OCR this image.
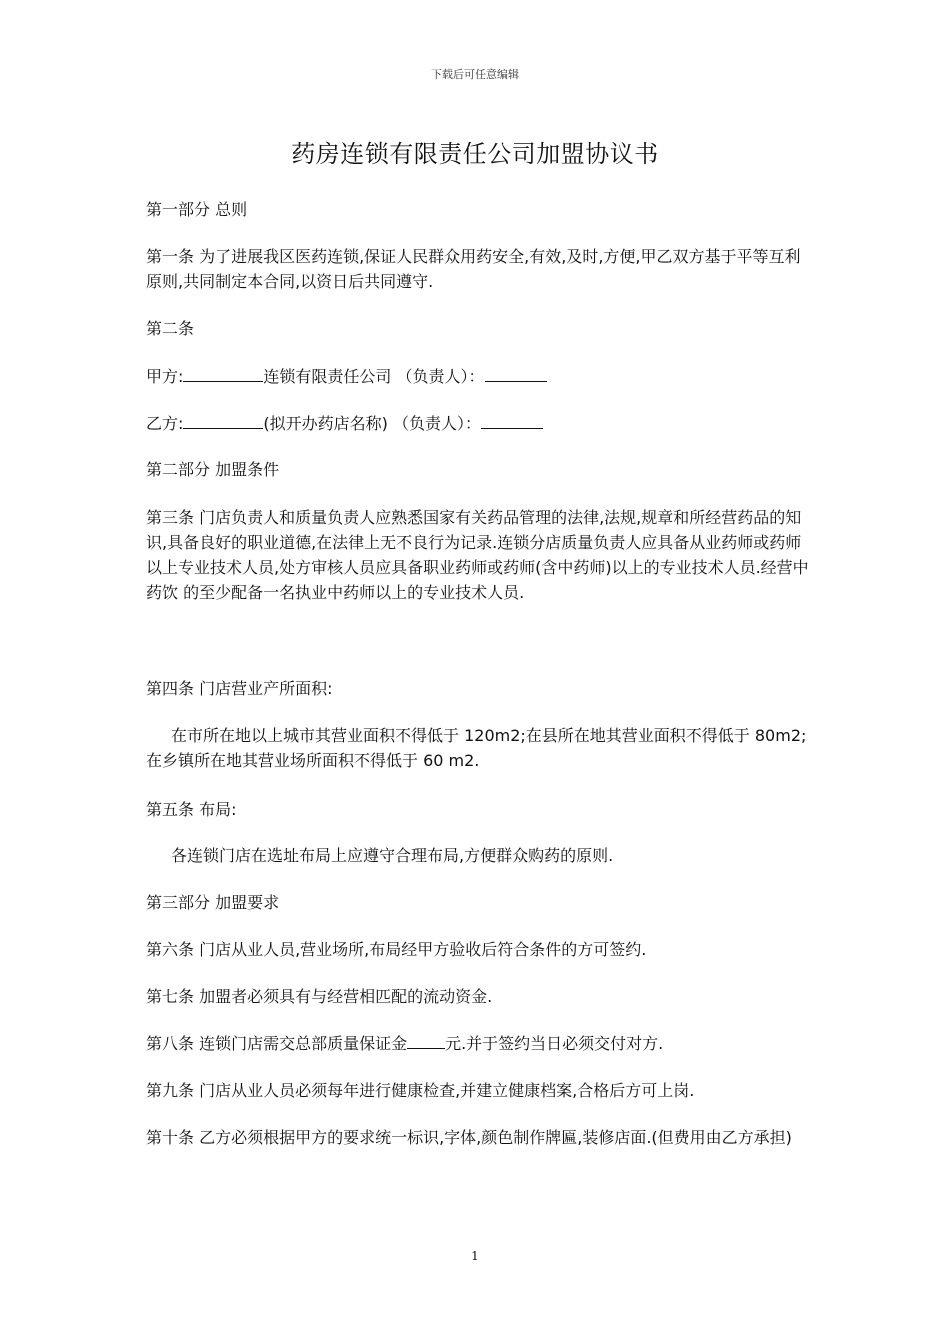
下载后可任意编辑
药房连锁有限责任公司加盟协议书
第一部分 总则
第一条 为了进展我区医药连锁,保证人民群众用药安全,有效,及时,方便,甲乙双方基于平等互利原则,共同制定本合同,以资日后共同遵守.
第二条
甲方:	连锁有限责任公司 （负责人）：
乙方:	(拟开办药店名称) （负责人）：
第二部分 加盟条件
第三条 门店负责人和质量负责人应熟悉国家有关药品管理的法律,法规,规章和所经营药品的知识,具备良好的职业道德,在法律上无不良行为记录.连锁分店质量负责人应具备从业药师或药师以上专业技术人员,处方审核人员应具备职业药师或药师(含中药师)以上的专业技术人员.经营中药饮 的至少配备一名执业中药师以上的专业技术人员.
第四条 门店营业产所面积:
在市所在地以上城市其营业面积不得低于 120m2;在县所在地其营业面积不得低于 80m2;在乡镇所在地其营业场所面积不得低于 60 m2.
第五条 布局:
各连锁门店在选址布局上应遵守合理布局,方便群众购药的原则.
第三部分 加盟要求
第六条 门店从业人员,营业场所,布局经甲方验收后符合条件的方可签约.
第七条 加盟者必须具有与经营相匹配的流动资金.
第八条 连锁门店需交总部质量保证金 元.并于签约当日必须交付对方.
第九条 门店从业人员必须每年进行健康检查,并建立健康档案,合格后方可上岗.
第十条 乙方必须根据甲方的要求统一标识,字体,颜色制作牌匾,装修店面.(但费用由乙方承担)
1
